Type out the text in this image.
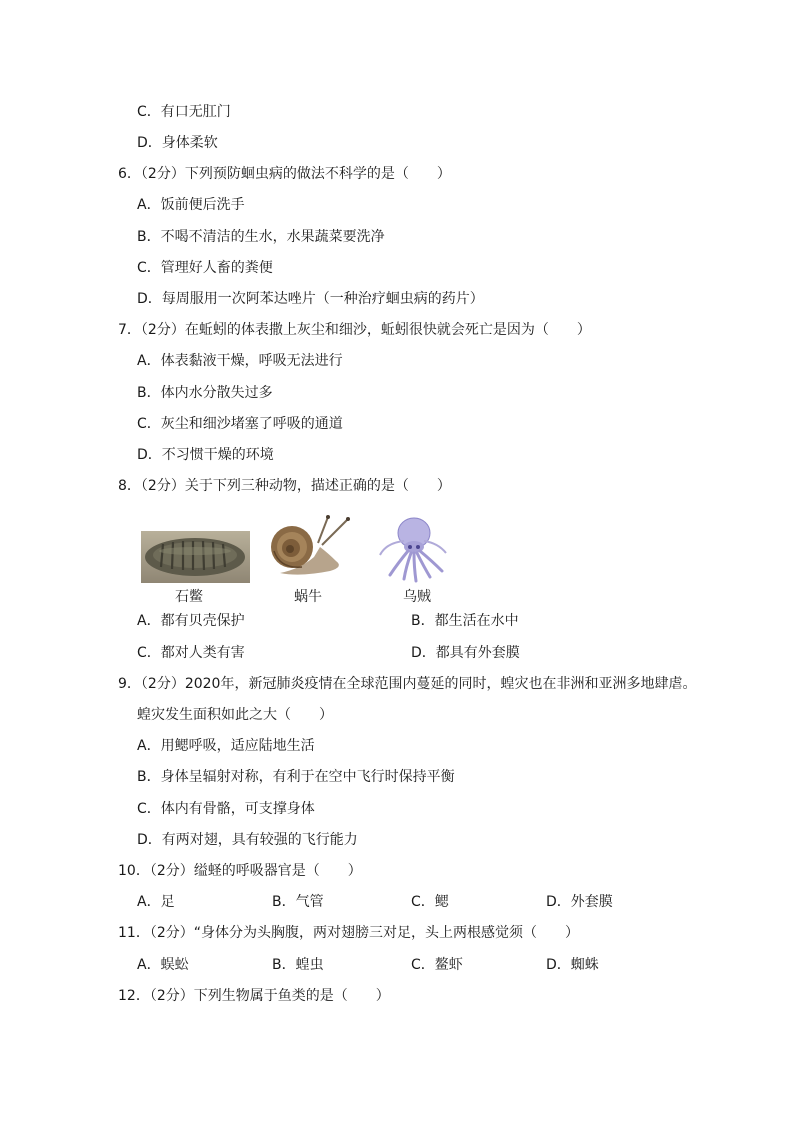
C．有口无肛门
D．身体柔软
6．（2分）下列预防蛔虫病的做法不科学的是（　　）
A．饭前便后洗手
B．不喝不清洁的生水，水果蔬菜要洗净
C．管理好人畜的粪便
D．每周服用一次阿苯达唑片（一种治疗蛔虫病的药片）
7．（2分）在蚯蚓的体表撒上灰尘和细沙，蚯蚓很快就会死亡是因为（　　）
A．体表黏液干燥，呼吸无法进行
B．体内水分散失过多
C．灰尘和细沙堵塞了呼吸的通道
D．不习惯干燥的环境
8．（2分）关于下列三种动物，描述正确的是（　　）
石鳖	蜗牛	乌贼
A．都有贝壳保护	B．都生活在水中
C．都对人类有害	D．都具有外套膜
9．（2分）2020年，新冠肺炎疫情在全球范围内蔓延的同时，蝗灾也在非洲和亚洲多地肆虐。
蝗灾发生面积如此之大（　　）
A．用鳃呼吸，适应陆地生活
B．身体呈辐射对称，有利于在空中飞行时保持平衡
C．体内有骨骼，可支撑身体
D．有两对翅，具有较强的飞行能力
10．（2分）缢蛏的呼吸器官是（　　）
A．足	B．气管	C．鳃	D．外套膜
11．（2分）“身体分为头胸腹，两对翅膀三对足，头上两根感觉须（　　）
A．蜈蚣	B．蝗虫	C．鳌虾	D．蜘蛛
12．（2分）下列生物属于鱼类的是（　　）
